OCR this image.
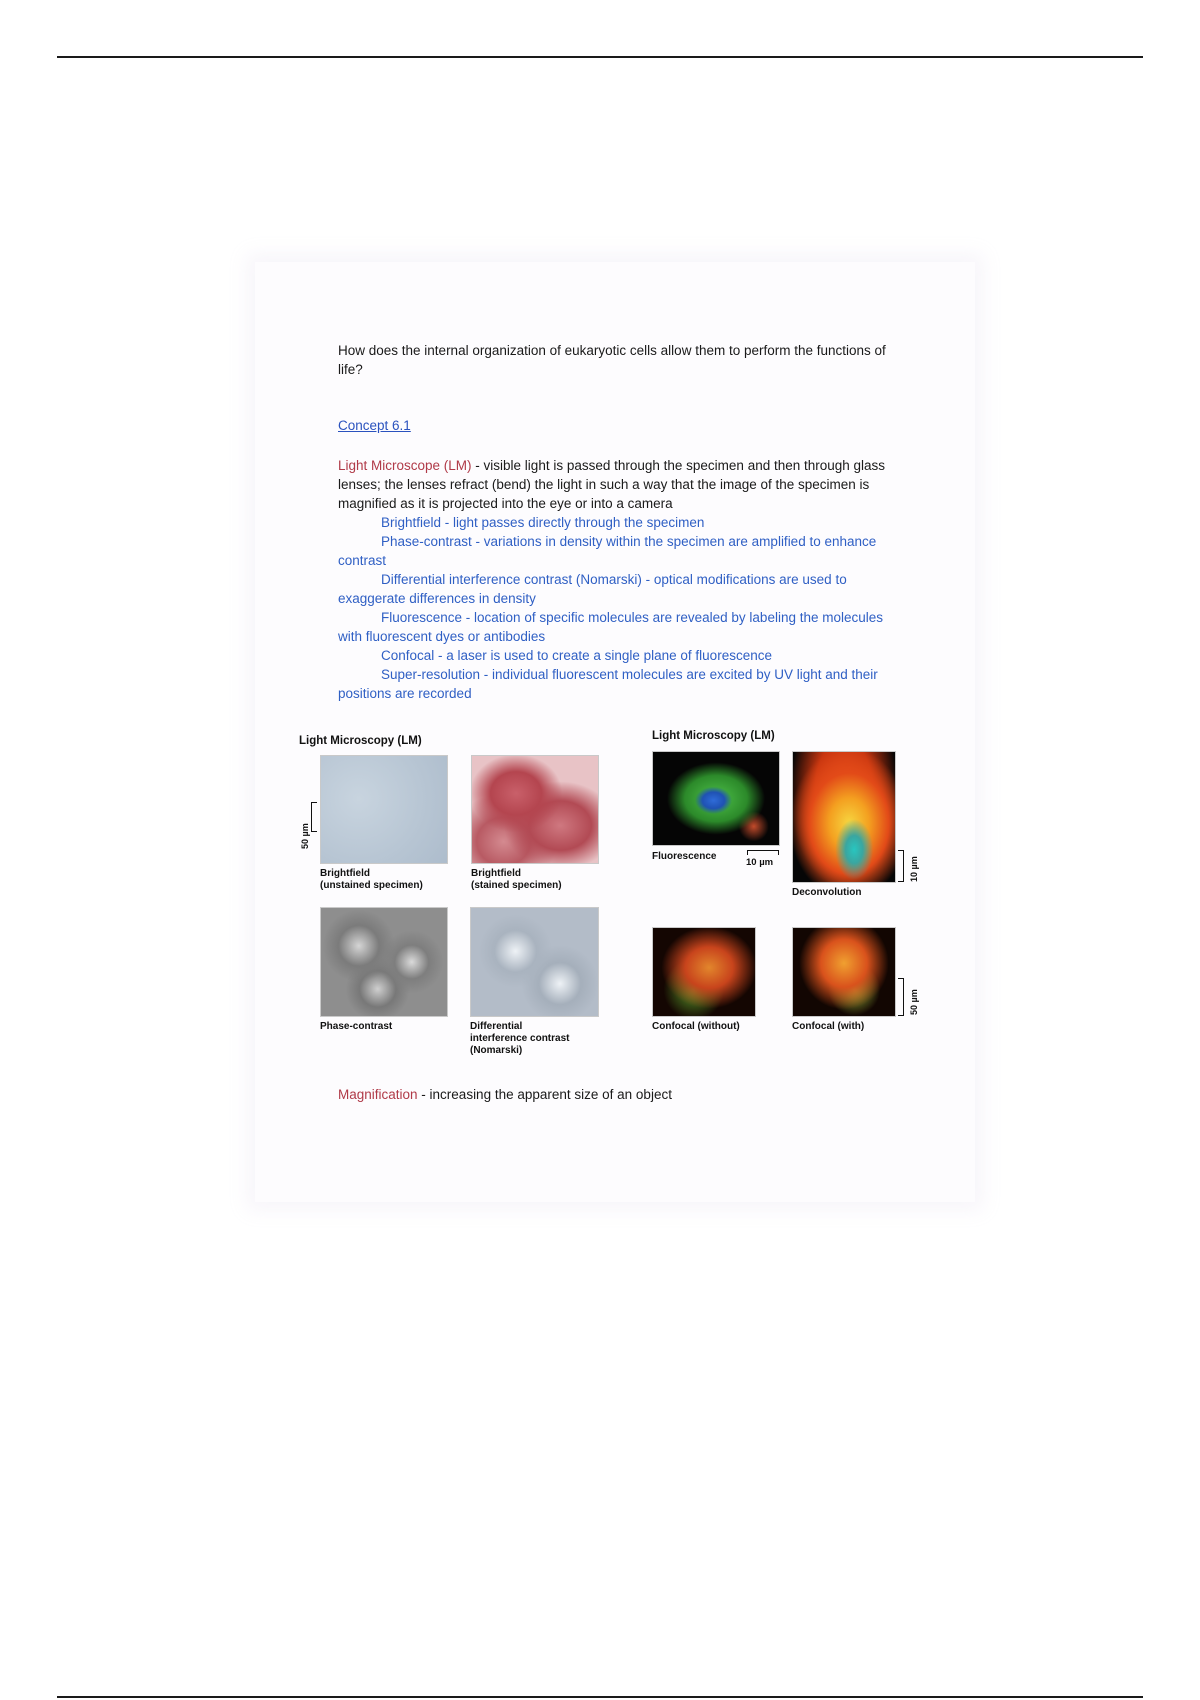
How does the internal organization of eukaryotic cells allow them to perform the functions of life?
Concept 6.1
Light Microscope (LM) - visible light is passed through the specimen and then through glass lenses; the lenses refract (bend) the light in such a way that the image of the specimen is magnified as it is projected into the eye or into a camera
Brightfield - light passes directly through the specimen
Phase-contrast - variations in density within the specimen are amplified to enhance contrast
Differential interference contrast (Nomarski) - optical modifications are used to exaggerate differences in density
Fluorescence - location of specific molecules are revealed by labeling the molecules with fluorescent dyes or antibodies
Confocal - a laser is used to create a single plane of fluorescence
Super-resolution - individual fluorescent molecules are excited by UV light and their positions are recorded
Light Microscopy (LM)
50 µm
Brightfield
(unstained specimen)
Brightfield
(stained specimen)
Phase-contrast	Differential
interference contrast
(Nomarski)
Light Microscopy (LM)
Fluorescence
10 µm	10 µm
Deconvolution
Confocal (without)
50 µm
Confocal (with)
Magnification - increasing the apparent size of an object
